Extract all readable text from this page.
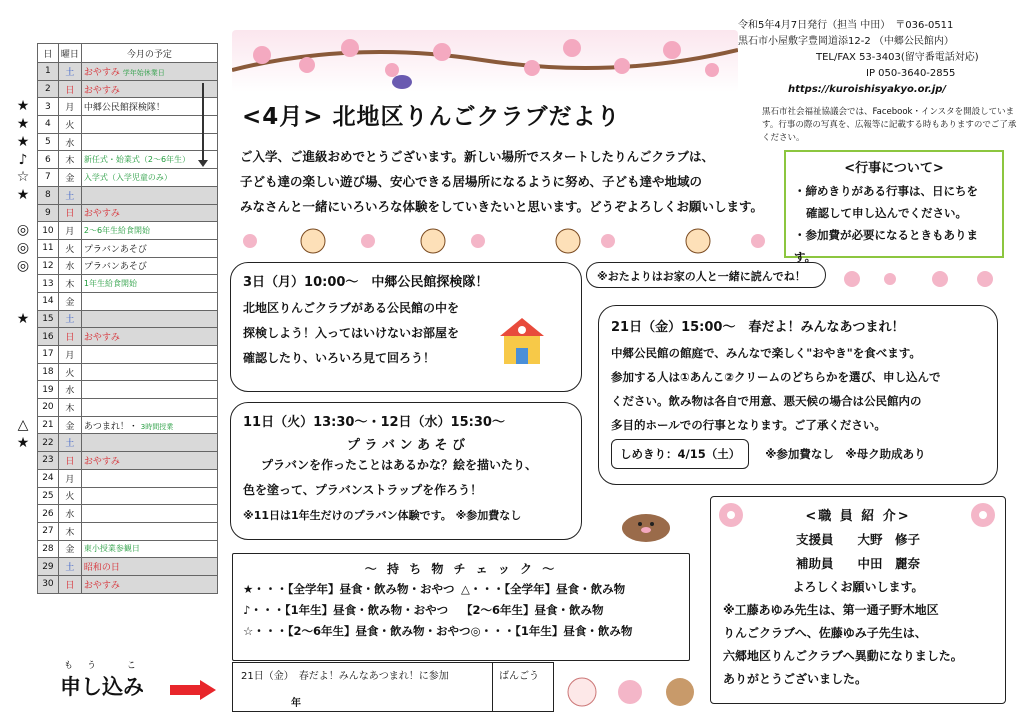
日	曜日	今月の予定
1	土	おやすみ 学年始休業日
2	日	おやすみ
3	月	中郷公民館探検隊！
4	火	
5	水	
6	木	新任式・始業式（2～6年生）
7	金	入学式（入学児童のみ）
8	土	
9	日	おやすみ
10	月	2～6年生給食開始
11	火	プラバンあそび
12	水	プラバンあそび
13	木	1年生給食開始
14	金	
15	土	
16	日	おやすみ
17	月	
18	火	
19	水	
20	木	
21	金	あつまれ！・ 3時間授業
22	土	
23	日	おやすみ
24	月	
25	火	
26	水	
27	木	
28	金	東小授業参観日
29	土	昭和の日
30	日	おやすみ
★
★
★
♪
☆
★
◎
◎
◎
★
△
★
もう こ
申し込み
<4月> 北地区りんごクラブだより
令和5年4月7日発行（担当 中田）　〒036-0511
黒石市小屋敷字豊岡道添12-2 （中郷公民館内）
TEL/FAX 53-3403(留守番電話対応)
IP 050-3640-2855
https://kuroishisyakyo.or.jp/
黒石市社会福祉協議会では、Facebook・インスタを開設しています。行事の際の写真を、広報等に記載する時もありますのでご了承ください。
ご入学、ご進級おめでとうございます。新しい場所でスタートしたりんごクラブは、
子ども達の楽しい遊び場、安心できる居場所になるように努め、子ども達や地域の
みなさんと一緒にいろいろな体験をしていきたいと思います。どうぞよろしくお願いします。
<行事について>
・締めきりがある行事は、日にちを
確認して申し込んでください。
・参加費が必要になるときもあります。
※おたよりはお家の人と一緒に読んでね！
3日（月）10:00～　中郷公民館探検隊！
北地区りんごクラブがある公民館の中を
探検しよう！入ってはいけないお部屋を
確認したり、いろいろ見て回ろう！
11日（火）13:30～・12日（水）15:30～
プ ラ バ ン あ そ び
プラバンを作ったことはあるかな？絵を描いたり、
色を塗って、プラバンストラップを作ろう！
※11日は1年生だけのプラバン体験です。 ※参加費なし
21日（金）15:00～　春だよ！みんなあつまれ！
中郷公民館の館庭で、みんなで楽しく"おやき"を食べます。
参加する人は①あんこ②クリームのどちらかを選び、申し込んで
ください。飲み物は各自で用意、悪天候の場合は公民館内の
多目的ホールでの行事となります。ご了承ください。
しめきり：4/15（土） ※参加費なし　※母ク助成あり
～ 持 ち 物 チ ェ ッ ク ～
★・・・【全学年】昼食・飲み物・おやつ △・・・【全学年】昼食・飲み物
♪・・・【1年生】昼食・飲み物・おやつ	【2～6年生】昼食・飲み物
☆・・・【2～6年生】昼食・飲み物・おやつ ◎・・・【1年生】昼食・飲み物
<職 員 紹 介>
支援員 大野　修子
補助員 中田　麗奈
よろしくお願いします。
※工藤あゆみ先生は、第一通子野木地区
りんごクラブへ、佐藤ゆみ子先生は、
六郷地区りんごクラブへ異動になりました。
ありがとうございました。
21日（金）　春だよ！みんなあつまれ！に参加
年
ばんごう
